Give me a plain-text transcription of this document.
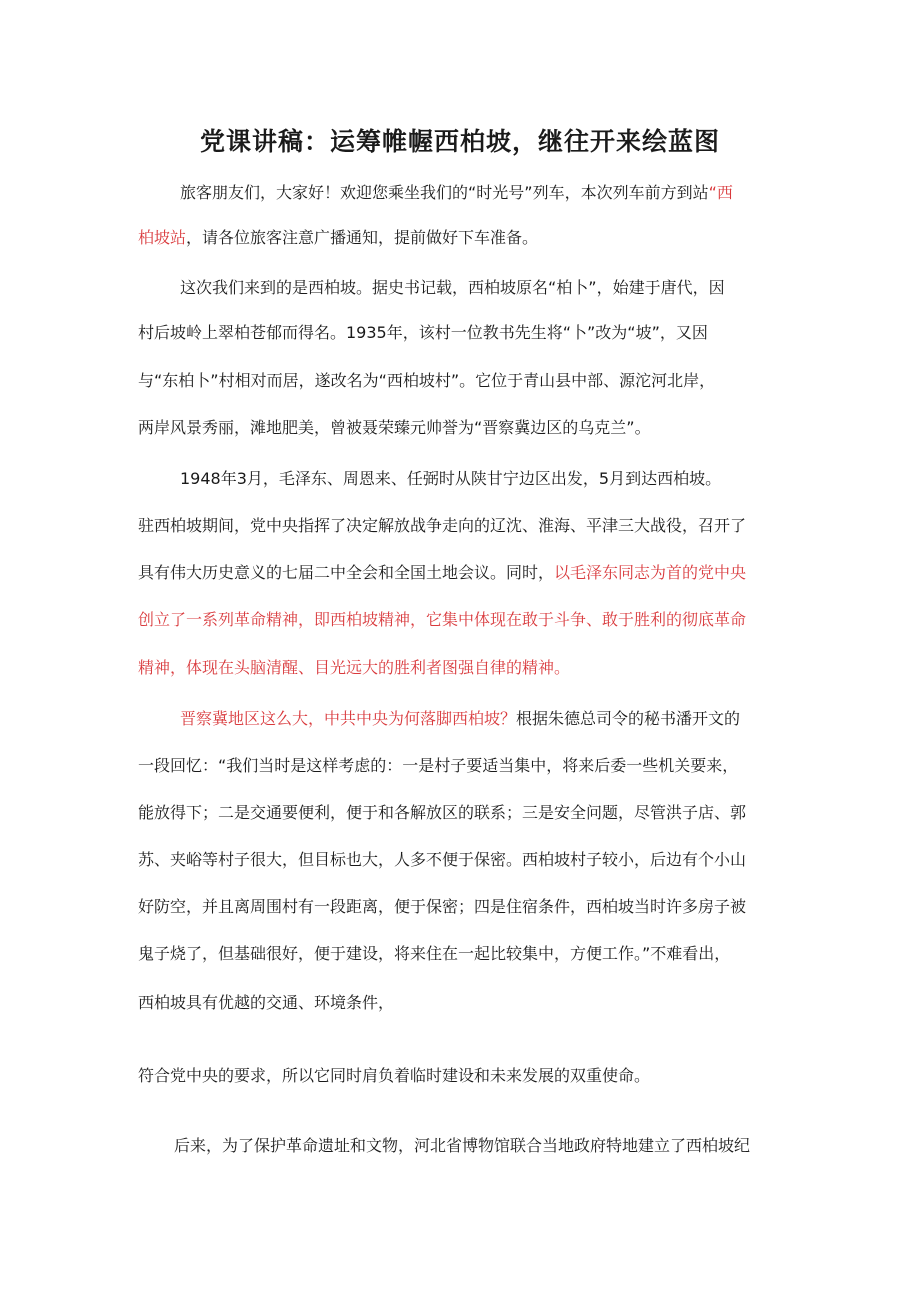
党课讲稿：运筹帷幄西柏坡，继往开来绘蓝图
旅客朋友们，大家好！欢迎您乘坐我们的“时光号”列车，本次列车前方到站“西
柏坡站，请各位旅客注意广播通知，提前做好下车准备。
这次我们来到的是西柏坡。据史书记载，西柏坡原名“柏卜”，始建于唐代，因
村后坡岭上翠柏苍郁而得名。1935年，该村一位教书先生将“卜”改为“坡”，又因
与“东柏卜”村相对而居，遂改名为“西柏坡村”。它位于青山县中部、源沱河北岸，
两岸风景秀丽，滩地肥美，曾被聂荣臻元帅誉为“晋察冀边区的乌克兰”。
1948年3月，毛泽东、周恩来、任弼时从陕甘宁边区出发，5月到达西柏坡。
驻西柏坡期间，党中央指挥了决定解放战争走向的辽沈、淮海、平津三大战役，召开了
具有伟大历史意义的七届二中全会和全国土地会议。同时，以毛泽东同志为首的党中央
创立了一系列革命精神，即西柏坡精神，它集中体现在敢于斗争、敢于胜利的彻底革命
精神，体现在头脑清醒、目光远大的胜利者图强自律的精神。
晋察冀地区这么大，中共中央为何落脚西柏坡？根据朱德总司令的秘书潘开文的
一段回忆：“我们当时是这样考虑的：一是村子要适当集中，将来后委一些机关要来，
能放得下；二是交通要便利，便于和各解放区的联系；三是安全问题，尽管洪子店、郭
苏、夹峪等村子很大，但目标也大，人多不便于保密。西柏坡村子较小，后边有个小山
好防空，并且离周围村有一段距离，便于保密；四是住宿条件，西柏坡当时许多房子被
鬼子烧了，但基础很好，便于建设，将来住在一起比较集中，方便工作。”不难看出，
西柏坡具有优越的交通、环境条件，
符合党中央的要求，所以它同时肩负着临时建设和未来发展的双重使命。
后来，为了保护革命遗址和文物，河北省博物馆联合当地政府特地建立了西柏坡纪
